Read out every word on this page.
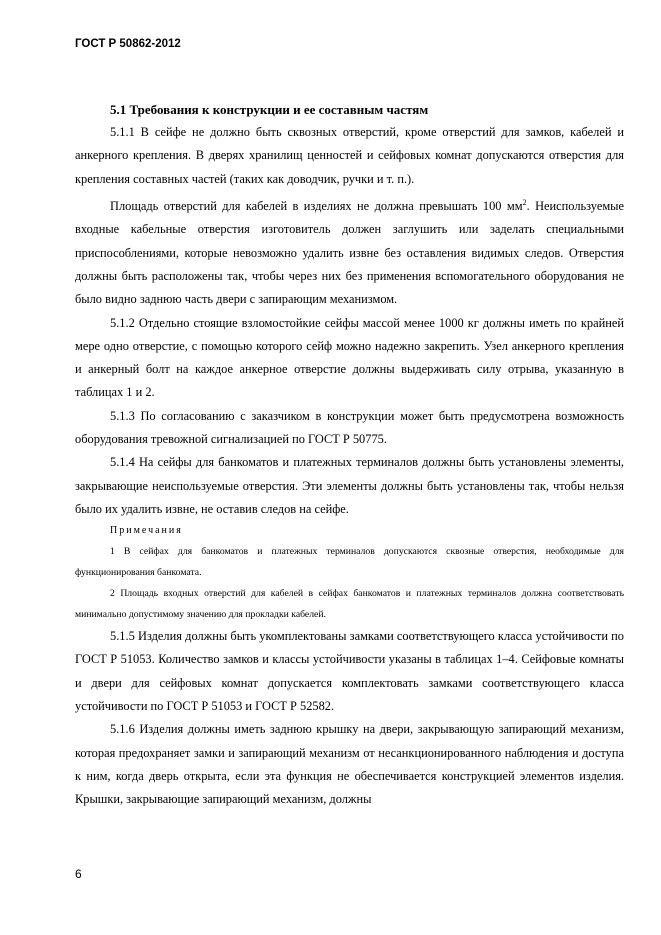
ГОСТ Р 50862-2012

5.1 Требования к конструкции и ее составным частям

5.1.1 В сейфе не должно быть сквозных отверстий, кроме отверстий для замков, кабелей и анкерного крепления. В дверях хранилищ ценностей и сейфовых комнат допускаются отверстия для крепления составных частей (таких как доводчик, ручки и т. п.).

Площадь отверстий для кабелей в изделиях не должна превышать 100 $мм^2$. Неиспользуемые входные кабельные отверстия изготовитель должен заглушить или заделать специальными приспособлениями, которые невозможно удалить извне без оставления видимых следов. Отверстия должны быть расположены так, чтобы через них без применения вспомогательного оборудования не было видно заднюю часть двери с запирающим механизмом.

5.1.2 Отдельно стоящие взломостойкие сейфы массой менее 1000 кг должны иметь по крайней мере одно отверстие, с помощью которого сейф можно надежно закрепить. Узел анкерного крепления и анкерный болт на каждое анкерное отверстие должны выдерживать силу отрыва, указанную в таблицах 1 и 2.

5.1.3 По согласованию с заказчиком в конструкции может быть предусмотрена возможность оборудования тревожной сигнализацией по ГОСТ Р 50775.

5.1.4 На сейфы для банкоматов и платежных терминалов должны быть установлены элементы, закрывающие неиспользуемые отверстия. Эти элементы должны быть установлены так, чтобы нельзя было их удалить извне, не оставив следов на сейфе.

Примечания

1 В сейфах для банкоматов и платежных терминалов допускаются сквозные отверстия, необходимые для функционирования банкомата.

2 Площадь входных отверстий для кабелей в сейфах банкоматов и платежных терминалов должна соответствовать минимально допустимому значению для прокладки кабелей.

5.1.5 Изделия должны быть укомплектованы замками соответствующего класса устойчивости по ГОСТ Р 51053. Количество замков и классы устойчивости указаны в таблицах 1–4. Сейфовые комнаты и двери для сейфовых комнат допускается комплектовать замками соответствующего класса устойчивости по ГОСТ Р 51053 и ГОСТ Р 52582.

5.1.6 Изделия должны иметь заднюю крышку на двери, закрывающую запирающий механизм, которая предохраняет замки и запирающий механизм от несанкционированного наблюдения и доступа к ним, когда дверь открыта, если эта функция не обеспечивается конструкцией элементов изделия. Крышки, закрывающие запирающий механизм, должны

6
